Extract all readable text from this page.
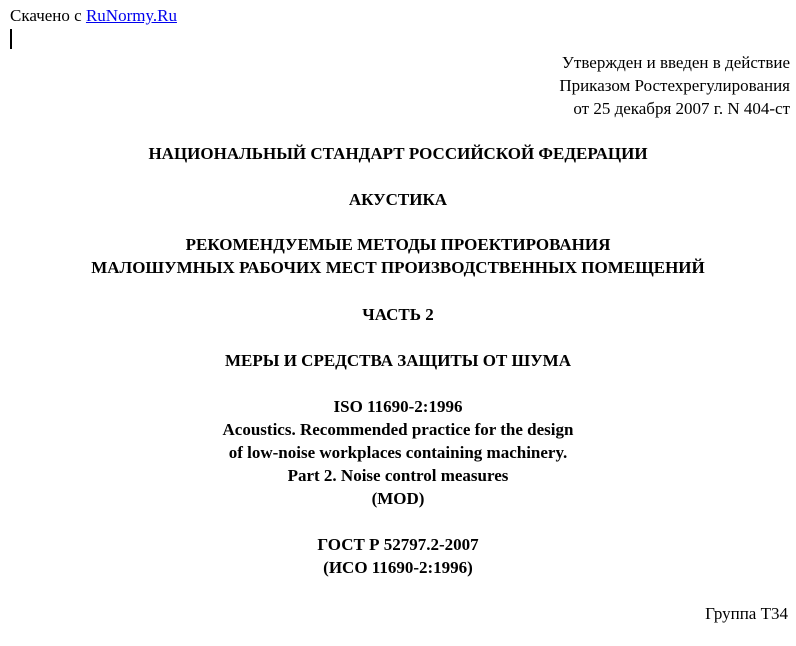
Скачено с RuNormy.Ru
Утвержден и введен в действие
Приказом Ростехрегулирования
от 25 декабря 2007 г. N 404-ст
НАЦИОНАЛЬНЫЙ СТАНДАРТ РОССИЙСКОЙ ФЕДЕРАЦИИ
АКУСТИКА
РЕКОМЕНДУЕМЫЕ МЕТОДЫ ПРОЕКТИРОВАНИЯ
МАЛОШУМНЫХ РАБОЧИХ МЕСТ ПРОИЗВОДСТВЕННЫХ ПОМЕЩЕНИЙ
ЧАСТЬ 2
МЕРЫ И СРЕДСТВА ЗАЩИТЫ ОТ ШУМА
ISO 11690-2:1996
Acoustics. Recommended practice for the design
of low-noise workplaces containing machinery.
Part 2. Noise control measures
(MOD)
ГОСТ Р 52797.2-2007
(ИСО 11690-2:1996)
Группа Т34
